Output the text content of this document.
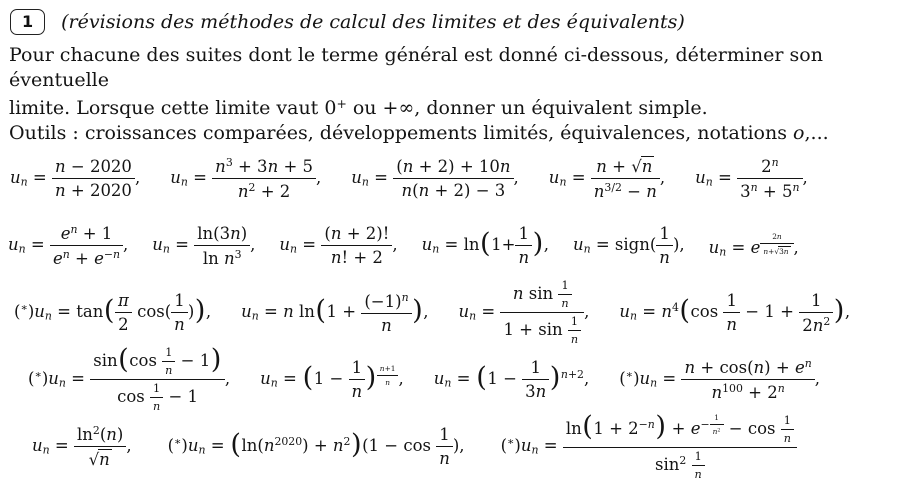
1	(révisions des méthodes de calcul des limites et des équivalents)
Pour chacune des suites dont le terme général est donné ci-dessous, déterminer son éventuelle
limite. Lorsque cette limite vaut 0+ ou +∞, donner un équivalent simple.
Outils : croissances comparées, développements limités, équivalences, notations o,...
un = $\frac{n - 2020}{n + 2020}$ , un = $\frac{n^3 + 3n + 5}{n^2 + 2}$ , un = $\frac{(n + 2) + 10n}{n(n + 2) - 3}$ , un = $\frac{n + √n}{n^{3/2} - n}$ , un = $\frac{2^n}{3^n + 5^n}$ ,
un = $\frac{e^n + 1}{e^n + e^{-n}}$ , un = $\frac{\ln(3n)}{\ln n^3}$ , un = $\frac{(n + 2)!}{n! + 2}$ , un = $\ln(1+ \frac{1}{n}$ ), un = sign( $\frac{1}{n}$ ), un = e $^{\frac{2n}{n+√3n}}$ ,
$(^∗)un = \tan( \frac{\pi}{2} \cos( \frac{1}{n}$ )), un = n $\ln(1 + \frac{(-1)^n}{n}$ ), un = $\frac{n \sin \frac{1}{n}}{1 + \sin \frac{1}{n}}$ , un = $n^4(\cos \frac{1}{n} - 1 + \frac{1}{2n^2}$ ),
$(^∗)un = \frac{\sin(\cos \frac{1}{n} - 1)}{\cos \frac{1}{n} - 1}$ , un = ($1 - \frac{1}{n}$ ) $^{\frac{n+1}{n}}$ , un = $(1 - \frac{1}{3n} )^{n+2}$, $(^∗)un = \frac{n + \cos(n) + e^n}{n^{100} + 2^n}$ ,
un = $\frac{\ln^2(n)}{√n}$ , $(^∗)un = (\ln(n^{2020}) + n^2)(1 - \cos \frac{1}{n}$ ), $(^∗)un = \ln(1 + 2^{-n}) + e^{- \frac{1}{n^2}} - \cos \frac{1}{n}$
$\sin^2 \frac{1}{n}$
